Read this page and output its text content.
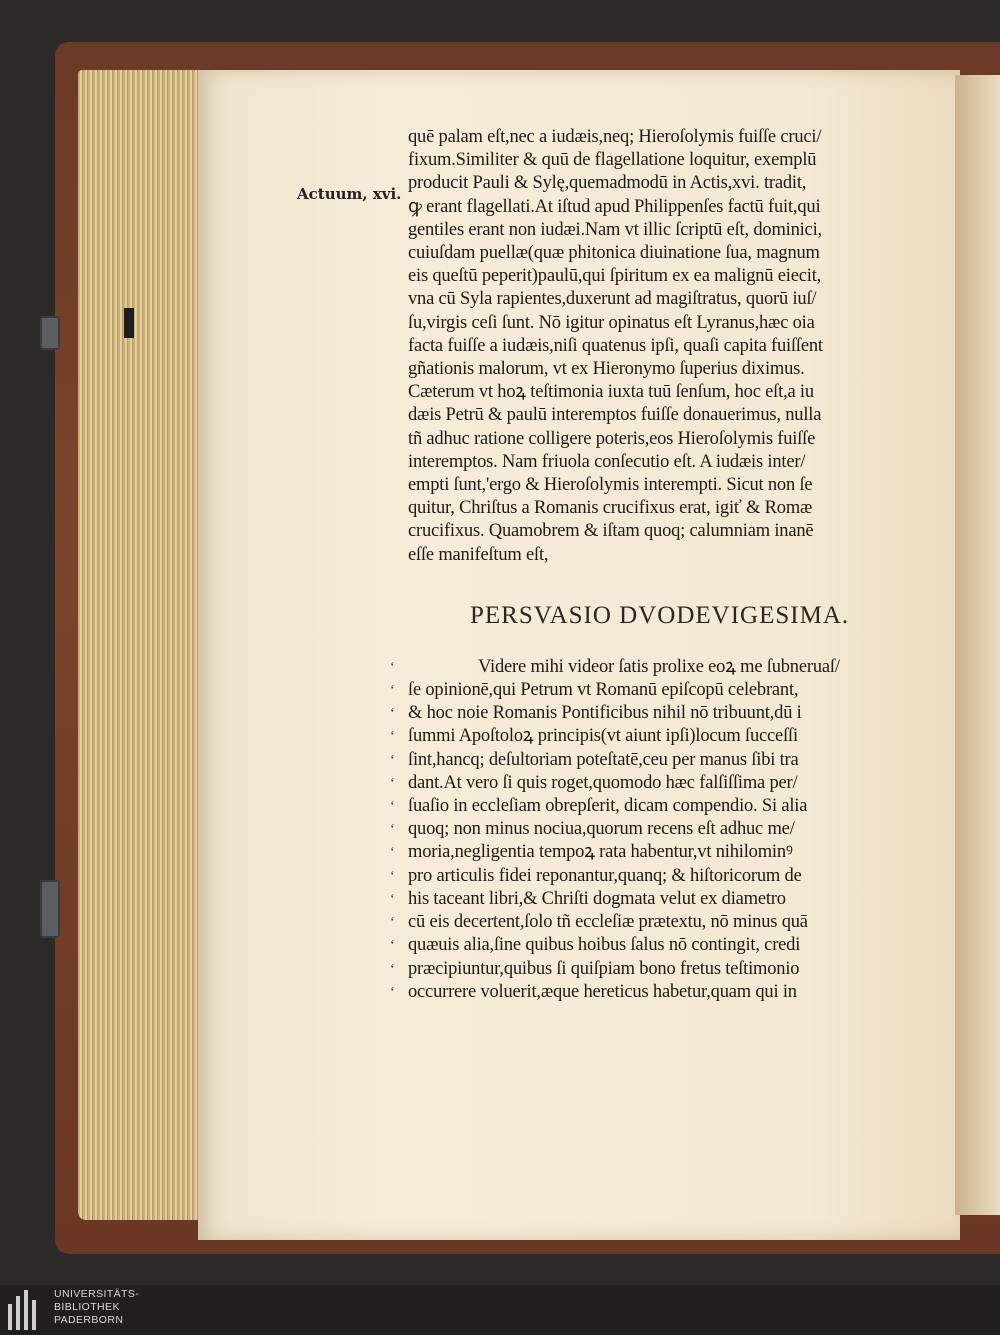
Actuum, xvi.
quē palam eſt,nec a iudæis,neq; Hieroſolymis fuiſſe cruci/
fixum.Similiter & quū de flagellatione loquitur, exemplū
producit Pauli & Sylę,quemadmodū in Actis,xvi. tradit,
ꝙ erant flagellati.At iſtud apud Philippenſes factū fuit,qui
gentiles erant non iudæi.Nam vt illic ſcriptū eſt, dominici,
cuiuſdam puellæ(quæ phitonica diuinatione ſua, magnum
eis queſtū peperit)paulū,qui ſpiritum ex ea malignū eiecit,
vna cū Syla rapientes,duxerunt ad magiſtratus, quorū iuſ/
ſu,virgis ceſi ſunt. Nō igitur opinatus eſt Lyranus,hæc oia
facta fuiſſe a iudæis,niſi quatenus ipſi, quaſi capita fuiſſent
gñationis malorum, vt ex Hieronymo ſuperius diximus.
Cæterum vt hoꝝ teſtimonia iuxta tuū ſenſum, hoc eſt,a iu
dæis Petrū & paulū interemptos fuiſſe donauerimus, nulla
tñ adhuc ratione colligere poteris,eos Hieroſolymis fuiſſe
interemptos. Nam friuola conſecutio eſt. A iudæis inter/
empti ſunt,'ergo & Hieroſolymis interempti. Sicut non ſe
quitur, Chriſtus a Romanis crucifixus erat, igiť & Romæ
crucifixus. Quamobrem & iſtam quoq; calumniam inanē
eſſe manifeſtum eſt,
PERSVASIO DVODEVIGESIMA.
‘	Videre mihi videor ſatis prolixe eoꝝ me ſubneruaſ/
‘ ſe opinionē,qui Petrum vt Romanū epiſcopū celebrant,
‘ & hoc noie Romanis Pontificibus nihil nō tribuunt,dū i
‘ ſummi Apoſtoloꝝ principis(vt aiunt ipſi)locum ſucceſſi
‘ ſint,hancq; deſultoriam poteſtatē,ceu per manus ſibi tra
‘ dant.At vero ſi quis roget,quomodo hæc falſiſſima per/
‘ ſuaſio in eccleſiam obrepſerit, dicam compendio. Si alia
‘ quoq; non minus nociua,quorum recens eſt adhuc me/
‘ moria,negligentia tempoꝝ rata habentur,vt nihilominꝰ
‘ pro articulis fidei reponantur,quanq; & hiſtoricorum de
‘ his taceant libri,& Chriſti dogmata velut ex diametro
‘ cū eis decertent,ſolo tñ eccleſiæ prætextu, nō minus quā
‘ quæuis alia,ſine quibus hoibus ſalus nō contingit, credi
‘ præcipiuntur,quibus ſi quiſpiam bono fretus teſtimonio
‘ occurrere voluerit,æque hereticus habetur,quam qui in
UNIVERSITÄTS-
BIBLIOTHEK
PADERBORN
